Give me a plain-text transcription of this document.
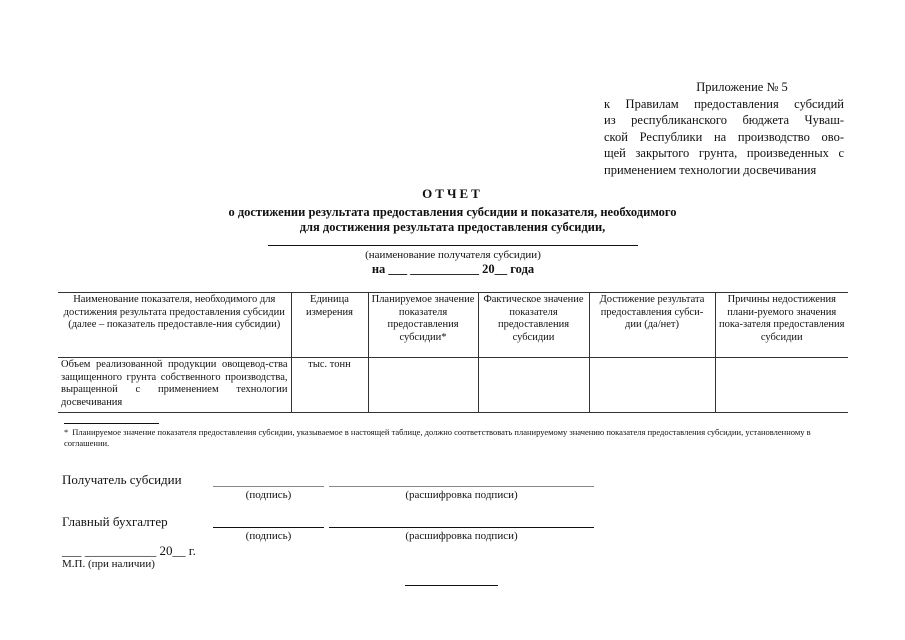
Приложение № 5
к Правилам предоставления субсидий
из республиканского бюджета Чуваш-
ской Республики на производство ово-
щей закрытого грунта, произведенных с
применением технологии досвечивания
ОТЧЕТ
о достижении результата предоставления субсидии и показателя, необходимого
для достижения результата предоставления субсидии,
(наименование получателя субсидии)
на ___ ___________ 20__ года
Наименование показателя, необходимого для достижения результата предоставления субсидии (далее – показатель предоставле-ния субсидии)	Единица измерения	Планируемое значение показателя предоставления субсидии*	Фактическое значение показателя предоставления субсидии	Достижение результата предоставления субси-дии (да/нет)	Причины недостижения плани-руемого значения пока-зателя предоставления субсидии
Объем реализованной продукции овощевод-ства защищенного грунта собственного производства, выращенной с применением технологии досвечивания	тыс. тонн				
* Планируемое значение показателя предоставления субсидии, указываемое в настоящей таблице, должно соответствовать планируемому значению показателя предоставления субсидии, установленному в соглашении.
Получатель субсидии
(подпись)	(расшифровка подписи)
Главный бухгалтер
(подпись)	(расшифровка подписи)
___ ___________ 20__ г.
М.П. (при наличии)
